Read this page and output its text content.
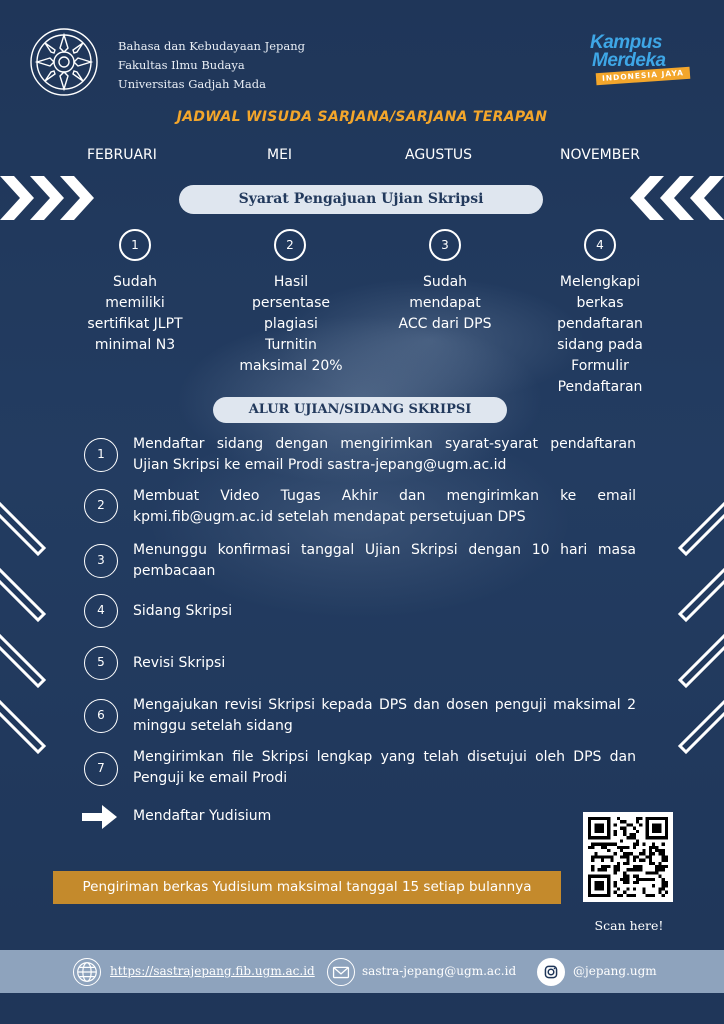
Bahasa dan Kebudayaan Jepang
Fakultas Ilmu Budaya
Universitas Gadjah Mada
Kampus
Merdeka
INDONESIA JAYA
JADWAL WISUDA SARJANA/SARJANA TERAPAN
FEBRUARI	MEI	AGUSTUS	NOVEMBER
Syarat Pengajuan Ujian Skripsi
1	2	3	4
Sudah
memiliki
sertifikat JLPT
minimal N3
Hasil
persentase
plagiasi
Turnitin
maksimal 20%
Sudah
mendapat
ACC dari DPS
Melengkapi
berkas
pendaftaran
sidang pada
Formulir
Pendaftaran
ALUR UJIAN/SIDANG SKRIPSI
1
Mendaftar sidang dengan mengirimkan syarat-syarat pendaftaran Ujian Skripsi ke email Prodi sastra-jepang@ugm.ac.id
2
Membuat Video Tugas Akhir dan mengirimkan ke email kpmi.fib@ugm.ac.id setelah mendapat persetujuan DPS
3
Menunggu konfirmasi tanggal Ujian Skripsi dengan 10 hari masa pembacaan
4	Sidang Skripsi
5	Revisi Skripsi
6
Mengajukan revisi Skripsi kepada DPS dan dosen penguji maksimal 2 minggu setelah sidang
7
Mengirimkan file Skripsi lengkap yang telah disetujui oleh DPS dan Penguji ke email Prodi
Mendaftar Yudisium
Pengiriman berkas Yudisium maksimal tanggal 15 setiap bulannya
Scan here!
https://sastrajepang.fib.ugm.ac.id	sastra-jepang@ugm.ac.id	@jepang.ugm
